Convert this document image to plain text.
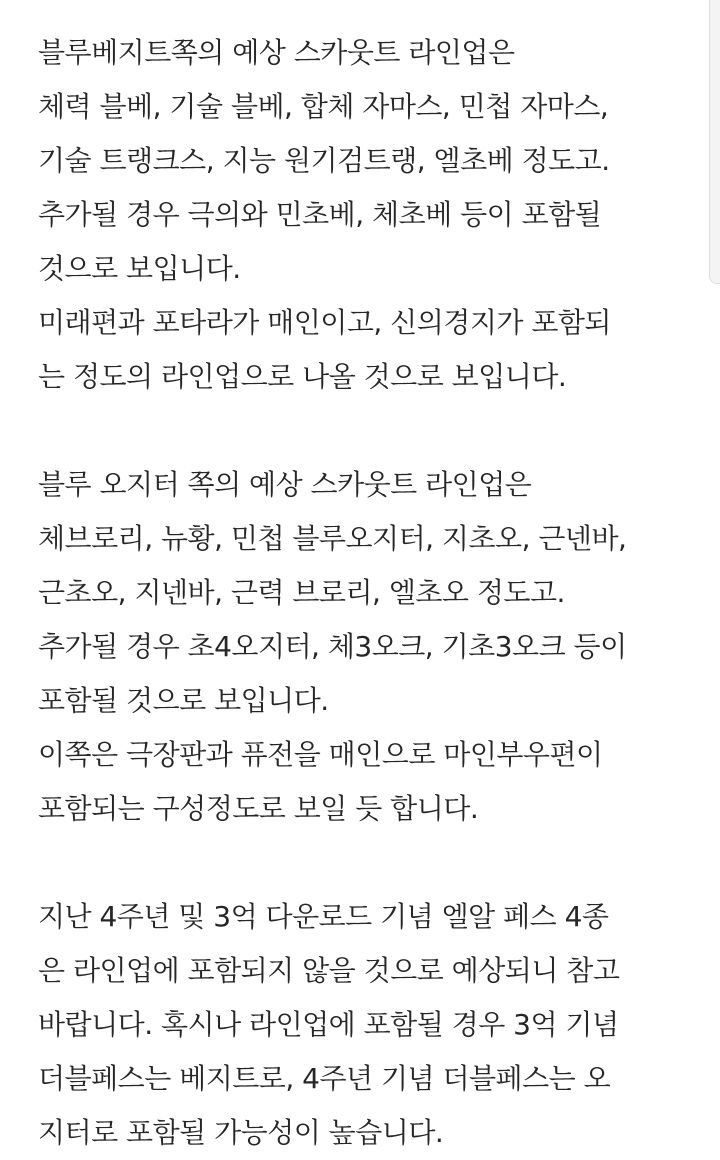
블루베지트쪽의 예상 스카웃트 라인업은
체력 블베, 기술 블베, 합체 자마스, 민첩 자마스,
기술 트랭크스, 지능 원기검트랭, 엘초베 정도고.
추가될 경우 극의와 민초베, 체초베 등이 포함될
것으로 보입니다.
미래편과 포타라가 매인이고, 신의경지가 포함되
는 정도의 라인업으로 나올 것으로 보입니다.
블루 오지터 쪽의 예상 스카웃트 라인업은
체브로리, 뉴황, 민첩 블루오지터, 지초오, 근넨바,
근초오, 지넨바, 근력 브로리, 엘초오 정도고.
추가될 경우 초4오지터, 체3오크, 기초3오크 등이
포함될 것으로 보입니다.
이쪽은 극장판과 퓨전을 매인으로 마인부우편이
포함되는 구성정도로 보일 듯 합니다.
지난 4주년 및 3억 다운로드 기념 엘알 페스 4종
은 라인업에 포함되지 않을 것으로 예상되니 참고
바랍니다. 혹시나 라인업에 포함될 경우 3억 기념
더블페스는 베지트로, 4주년 기념 더블페스는 오
지터로 포함될 가능성이 높습니다.
